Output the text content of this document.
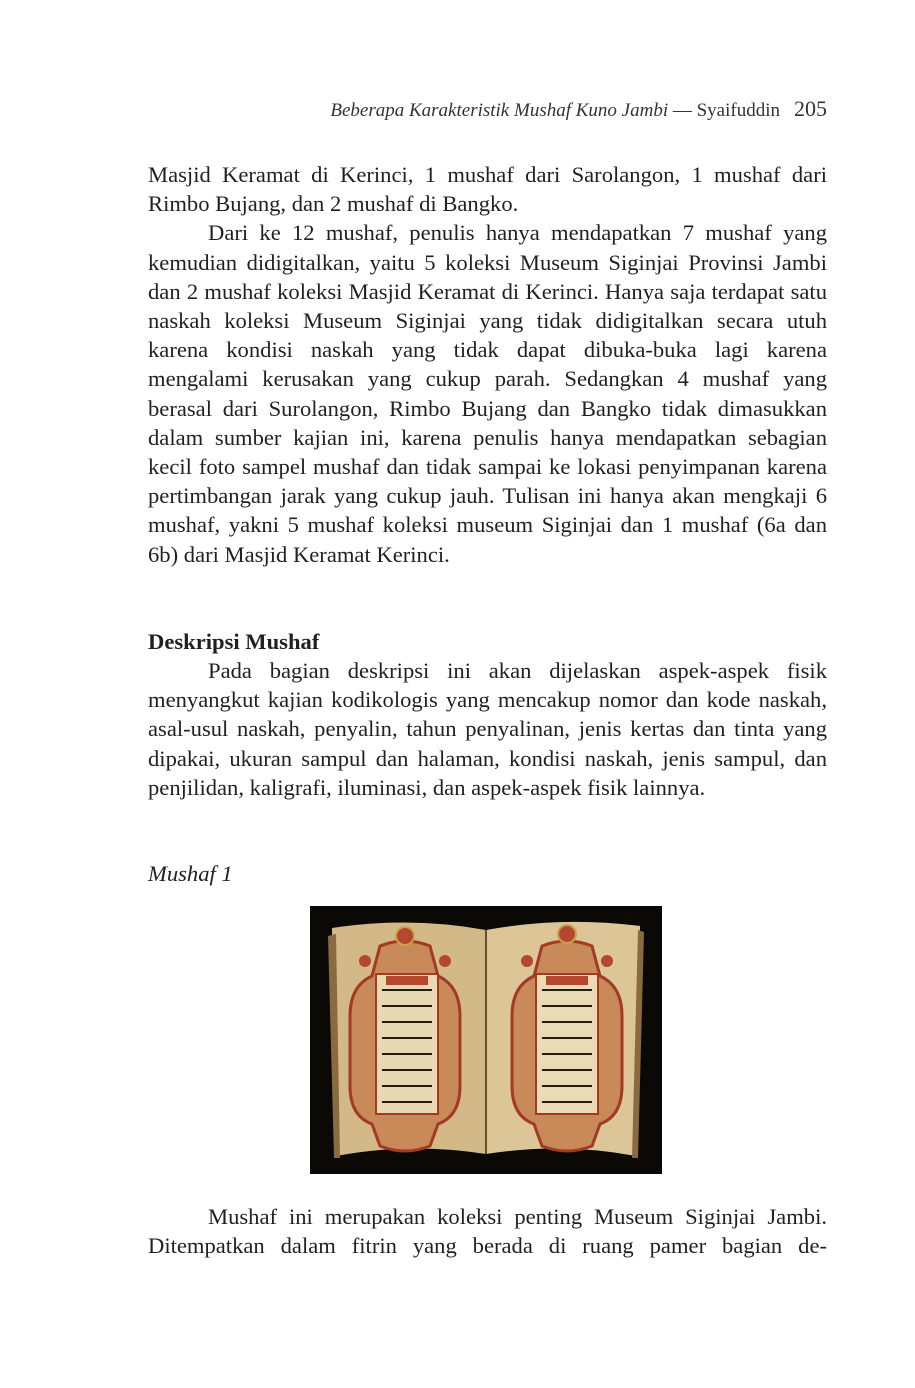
Beberapa Karakteristik Mushaf Kuno Jambi — Syaifuddin 205

Masjid Keramat di Kerinci, 1 mushaf dari Sarolangon, 1 mushaf dari Rimbo Bujang, dan 2 mushaf di Bangko.

Dari ke 12 mushaf, penulis hanya mendapatkan 7 mushaf yang kemudian didigitalkan, yaitu 5 koleksi Museum Siginjai Provinsi Jambi dan 2 mushaf koleksi Masjid Keramat di Kerinci. Hanya saja terdapat satu naskah koleksi Museum Siginjai yang tidak didigitalkan secara utuh karena kondisi naskah yang tidak dapat dibuka-buka lagi karena mengalami kerusakan yang cukup parah. Sedangkan 4 mushaf yang berasal dari Surolangon, Rimbo Bujang dan Bangko tidak dimasukkan dalam sumber kajian ini, karena penulis hanya mendapatkan sebagian kecil foto sampel mushaf dan tidak sampai ke lokasi penyimpanan karena pertimbangan jarak yang cukup jauh. Tulisan ini hanya akan mengkaji 6 mushaf, yakni 5 mushaf koleksi museum Siginjai dan 1 mushaf (6a dan 6b) dari Masjid Keramat Kerinci.

Deskripsi Mushaf

Pada bagian deskripsi ini akan dijelaskan aspek-aspek fisik menyangkut kajian kodikologis yang mencakup nomor dan kode naskah, asal-usul naskah, penyalin, tahun penyalinan, jenis kertas dan tinta yang dipakai, ukuran sampul dan halaman, kondisi naskah, jenis sampul, dan penjilidan, kaligrafi, iluminasi, dan aspek-aspek fisik lainnya.

Mushaf 1

Mushaf ini merupakan koleksi penting Museum Siginjai Jambi. Ditempatkan dalam fitrin yang berada di ruang pamer bagian de-
